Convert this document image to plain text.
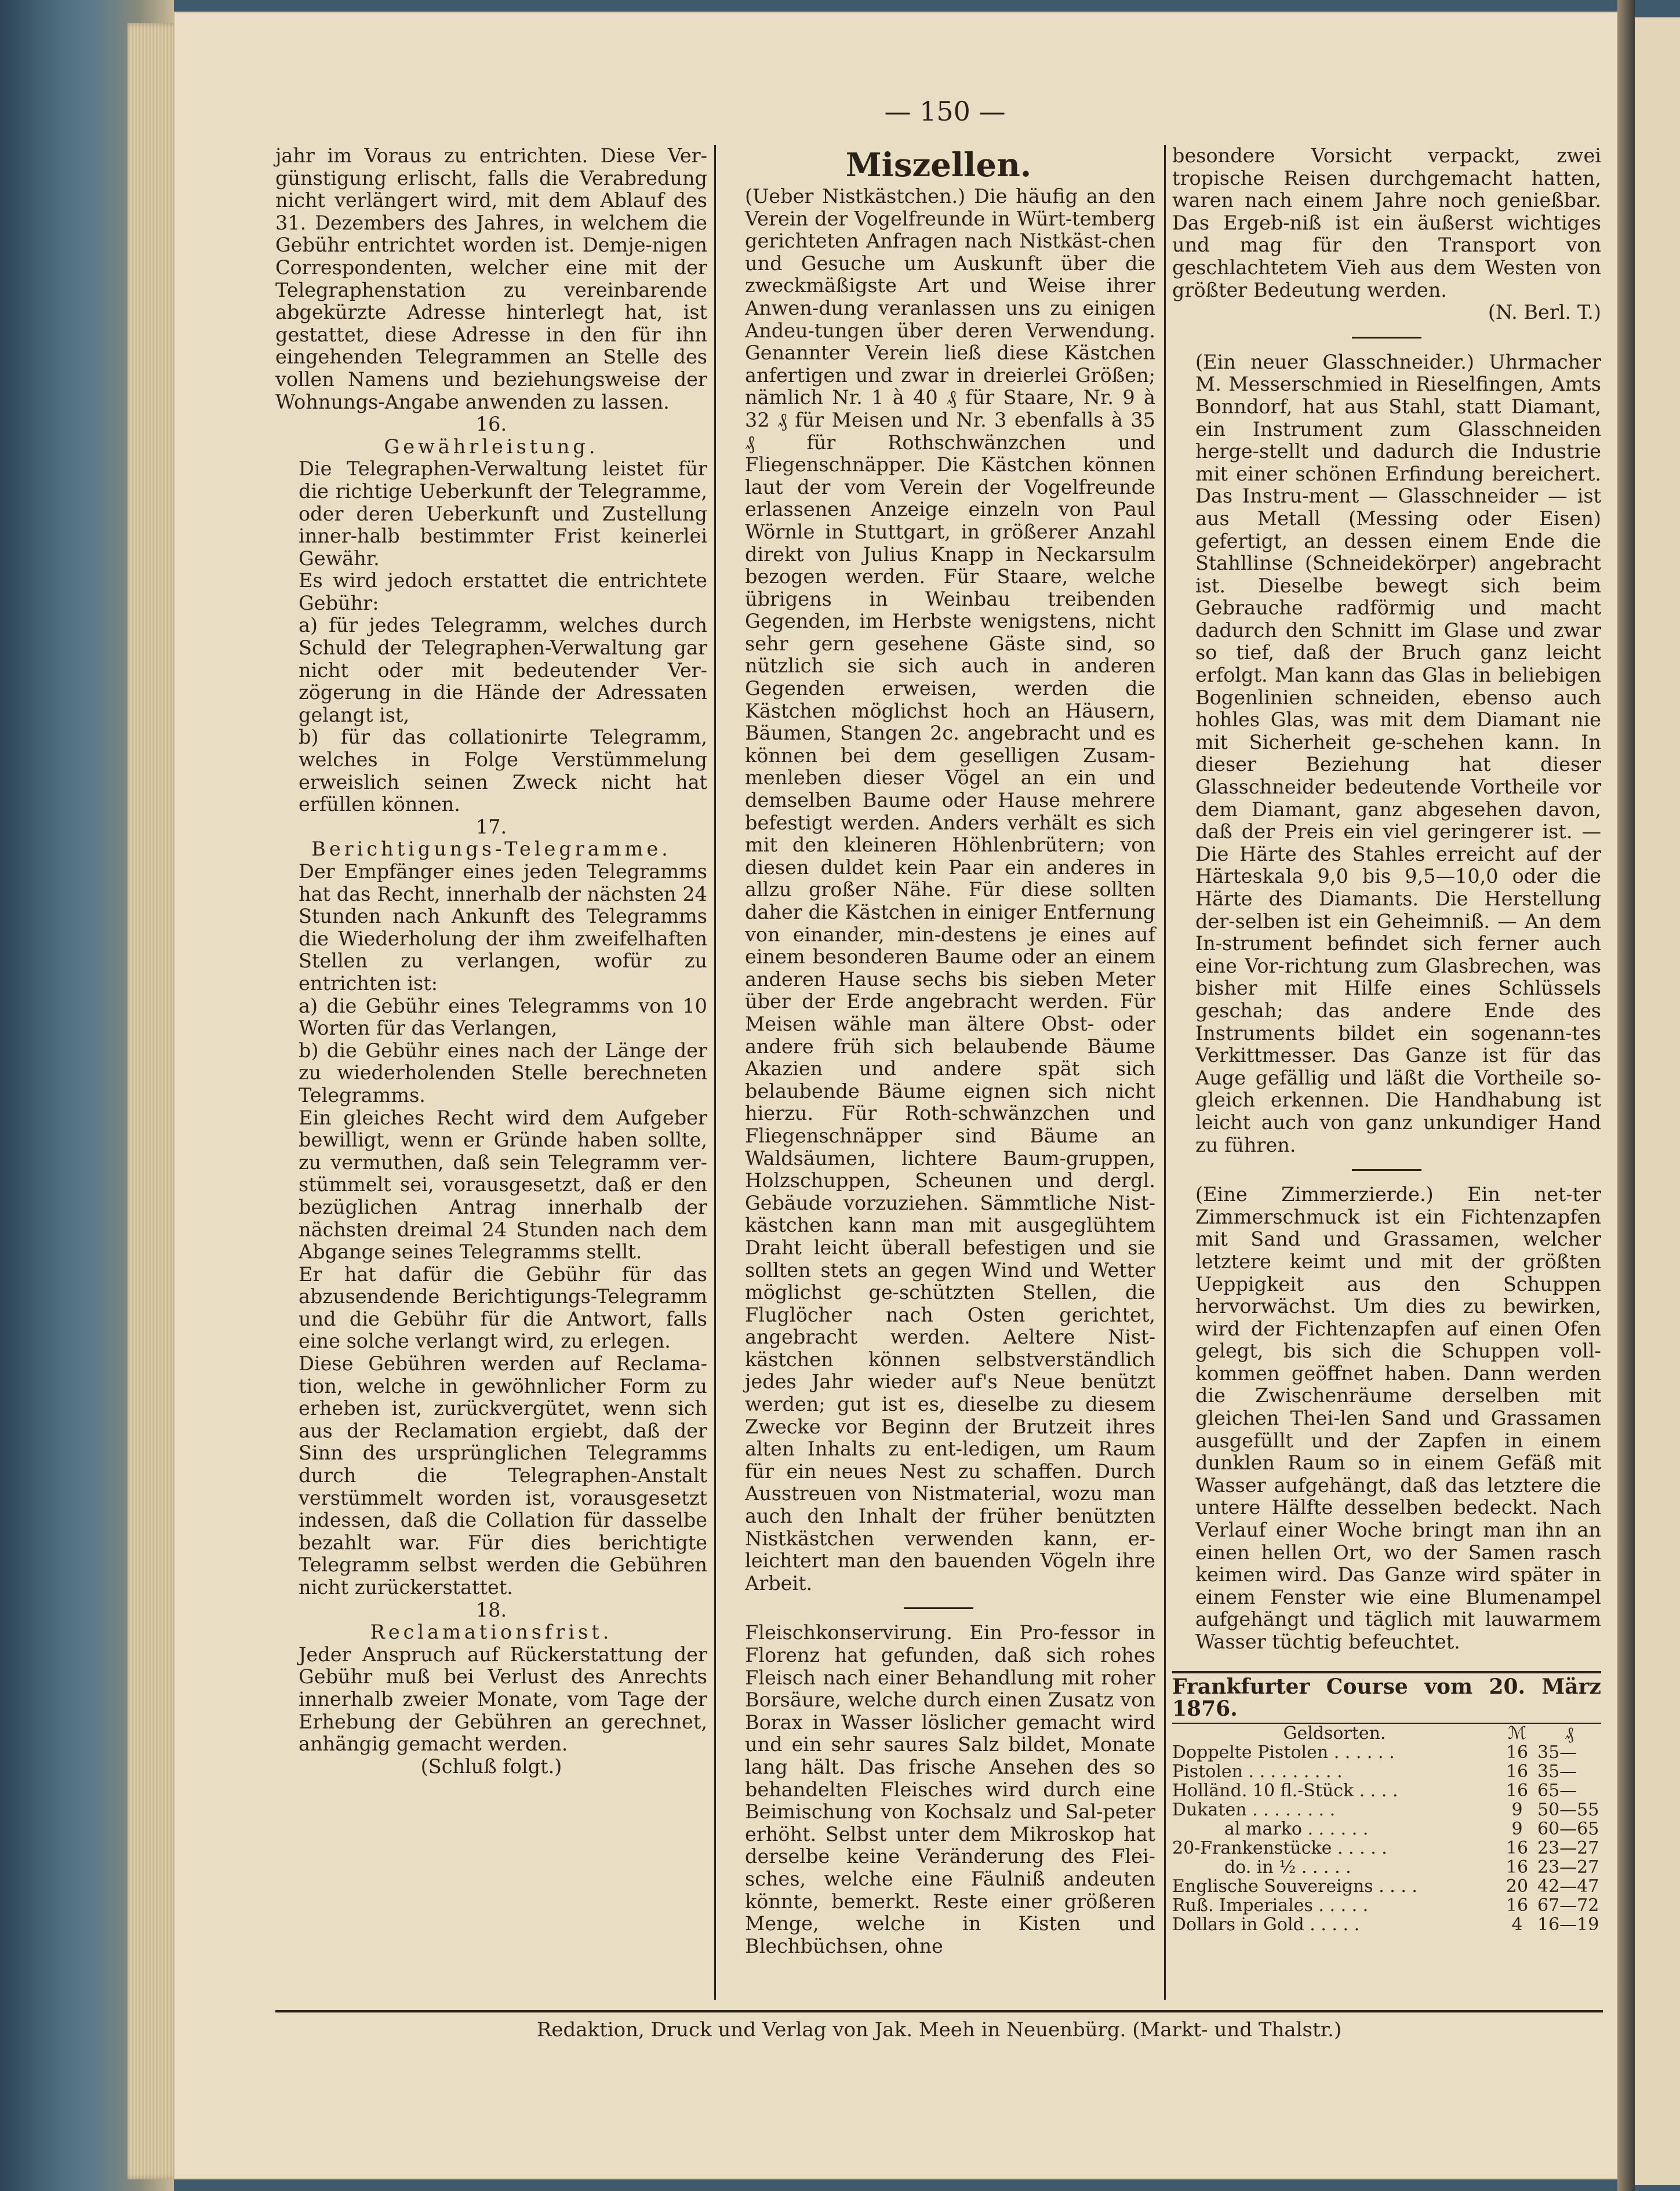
— 150 —

jahr im Voraus zu entrichten. Diese Ver-günstigung erlischt, falls die Verabredung nicht verlängert wird, mit dem Ablauf des 31. Dezembers des Jahres, in welchem die Gebühr entrichtet worden ist. Demje-nigen Correspondenten, welcher eine mit der Telegraphenstation zu vereinbarende abgekürzte Adresse hinterlegt hat, ist gestattet, diese Adresse in den für ihn eingehenden Telegrammen an Stelle des vollen Namens und beziehungsweise der Wohnungs-Angabe anwenden zu lassen.

16.

Gewährleistung.

Die Telegraphen-Verwaltung leistet für die richtige Ueberkunft der Telegramme, oder deren Ueberkunft und Zustellung inner-halb bestimmter Frist keinerlei Gewähr.

Es wird jedoch erstattet die entrichtete Gebühr:

a) für jedes Telegramm, welches durch Schuld der Telegraphen-Verwaltung gar nicht oder mit bedeutender Ver-zögerung in die Hände der Adressaten gelangt ist,

b) für das collationirte Telegramm, welches in Folge Verstümmelung erweislich seinen Zweck nicht hat erfüllen können.

17.

Berichtigungs-Telegramme.

Der Empfänger eines jeden Telegramms hat das Recht, innerhalb der nächsten 24 Stunden nach Ankunft des Telegramms die Wiederholung der ihm zweifelhaften Stellen zu verlangen, wofür zu entrichten ist:

a) die Gebühr eines Telegramms von 10 Worten für das Verlangen,

b) die Gebühr eines nach der Länge der zu wiederholenden Stelle berechneten Telegramms.

Ein gleiches Recht wird dem Aufgeber bewilligt, wenn er Gründe haben sollte, zu vermuthen, daß sein Telegramm ver-stümmelt sei, vorausgesetzt, daß er den bezüglichen Antrag innerhalb der nächsten dreimal 24 Stunden nach dem Abgange seines Telegramms stellt.

Er hat dafür die Gebühr für das abzusendende Berichtigungs-Telegramm und die Gebühr für die Antwort, falls eine solche verlangt wird, zu erlegen.

Diese Gebühren werden auf Reclama-tion, welche in gewöhnlicher Form zu erheben ist, zurückvergütet, wenn sich aus der Reclamation ergiebt, daß der Sinn des ursprünglichen Telegramms durch die Telegraphen-Anstalt verstümmelt worden ist, vorausgesetzt indessen, daß die Collation für dasselbe bezahlt war. Für dies berichtigte Telegramm selbst werden die Gebühren nicht zurückerstattet.

18.

Reclamationsfrist.

Jeder Anspruch auf Rückerstattung der Gebühr muß bei Verlust des Anrechts innerhalb zweier Monate, vom Tage der Erhebung der Gebühren an gerechnet, anhängig gemacht werden.

(Schluß folgt.)

Miszellen.

(Ueber Nistkästchen.) Die häufig an den Verein der Vogelfreunde in Würt-temberg gerichteten Anfragen nach Nistkäst-chen und Gesuche um Auskunft über die zweckmäßigste Art und Weise ihrer Anwen-dung veranlassen uns zu einigen Andeu-tungen über deren Verwendung. Genannter Verein ließ diese Kästchen anfertigen und zwar in dreierlei Größen; nämlich Nr. 1 à 40 ₰ für Staare, Nr. 9 à 32 ₰ für Meisen und Nr. 3 ebenfalls à 35 ₰ für Rothschwänzchen und Fliegenschnäpper. Die Kästchen können laut der vom Verein der Vogelfreunde erlassenen Anzeige einzeln von Paul Wörnle in Stuttgart, in größerer Anzahl direkt von Julius Knapp in Neckarsulm bezogen werden. Für Staare, welche übrigens in Weinbau treibenden Gegenden, im Herbste wenigstens, nicht sehr gern gesehene Gäste sind, so nützlich sie sich auch in anderen Gegenden erweisen, werden die Kästchen möglichst hoch an Häusern, Bäumen, Stangen 2c. angebracht und es können bei dem geselligen Zusam-menleben dieser Vögel an ein und demselben Baume oder Hause mehrere befestigt werden. Anders verhält es sich mit den kleineren Höhlenbrütern; von diesen duldet kein Paar ein anderes in allzu großer Nähe. Für diese sollten daher die Kästchen in einiger Entfernung von einander, min-destens je eines auf einem besonderen Baume oder an einem anderen Hause sechs bis sieben Meter über der Erde angebracht werden. Für Meisen wähle man ältere Obst- oder andere früh sich belaubende Bäume Akazien und andere spät sich belaubende Bäume eignen sich nicht hierzu. Für Roth-schwänzchen und Fliegenschnäpper sind Bäume an Waldsäumen, lichtere Baum-gruppen, Holzschuppen, Scheunen und dergl. Gebäude vorzuziehen. Sämmtliche Nist-kästchen kann man mit ausgeglühtem Draht leicht überall befestigen und sie sollten stets an gegen Wind und Wetter möglichst ge-schützten Stellen, die Fluglöcher nach Osten gerichtet, angebracht werden. Aeltere Nist-kästchen können selbstverständlich jedes Jahr wieder auf's Neue benützt werden; gut ist es, dieselbe zu diesem Zwecke vor Beginn der Brutzeit ihres alten Inhalts zu ent-ledigen, um Raum für ein neues Nest zu schaffen. Durch Ausstreuen von Nistmaterial, wozu man auch den Inhalt der früher benützten Nistkästchen verwenden kann, er-leichtert man den bauenden Vögeln ihre Arbeit.

Fleischkonservirung. Ein Pro-fessor in Florenz hat gefunden, daß sich rohes Fleisch nach einer Behandlung mit roher Borsäure, welche durch einen Zusatz von Borax in Wasser löslicher gemacht wird und ein sehr saures Salz bildet, Monate lang hält. Das frische Ansehen des so behandelten Fleisches wird durch eine Beimischung von Kochsalz und Sal-peter erhöht. Selbst unter dem Mikroskop hat derselbe keine Veränderung des Flei-sches, welche eine Fäulniß andeuten könnte, bemerkt. Reste einer größeren Menge, welche in Kisten und Blechbüchsen, ohne

besondere Vorsicht verpackt, zwei tropische Reisen durchgemacht hatten, waren nach einem Jahre noch genießbar. Das Ergeb-niß ist ein äußerst wichtiges und mag für den Transport von geschlachtetem Vieh aus dem Westen von größter Bedeutung werden.

(N. Berl. T.)

(Ein neuer Glasschneider.) Uhrmacher M. Messerschmied in Rieselfingen, Amts Bonndorf, hat aus Stahl, statt Diamant, ein Instrument zum Glasschneiden herge-stellt und dadurch die Industrie mit einer schönen Erfindung bereichert. Das Instru-ment — Glasschneider — ist aus Metall (Messing oder Eisen) gefertigt, an dessen einem Ende die Stahllinse (Schneidekörper) angebracht ist. Dieselbe bewegt sich beim Gebrauche radförmig und macht dadurch den Schnitt im Glase und zwar so tief, daß der Bruch ganz leicht erfolgt. Man kann das Glas in beliebigen Bogenlinien schneiden, ebenso auch hohles Glas, was mit dem Diamant nie mit Sicherheit ge-schehen kann. In dieser Beziehung hat dieser Glasschneider bedeutende Vortheile vor dem Diamant, ganz abgesehen davon, daß der Preis ein viel geringerer ist. — Die Härte des Stahles erreicht auf der Härteskala 9,0 bis 9,5—10,0 oder die Härte des Diamants. Die Herstellung der-selben ist ein Geheimniß. — An dem In-strument befindet sich ferner auch eine Vor-richtung zum Glasbrechen, was bisher mit Hilfe eines Schlüssels geschah; das andere Ende des Instruments bildet ein sogenann-tes Verkittmesser. Das Ganze ist für das Auge gefällig und läßt die Vortheile so-gleich erkennen. Die Handhabung ist leicht auch von ganz unkundiger Hand zu führen.

(Eine Zimmerzierde.) Ein net-ter Zimmerschmuck ist ein Fichtenzapfen mit Sand und Grassamen, welcher letztere keimt und mit der größten Ueppigkeit aus den Schuppen hervorwächst. Um dies zu bewirken, wird der Fichtenzapfen auf einen Ofen gelegt, bis sich die Schuppen voll-kommen geöffnet haben. Dann werden die Zwischenräume derselben mit gleichen Thei-len Sand und Grassamen ausgefüllt und der Zapfen in einem dunklen Raum so in einem Gefäß mit Wasser aufgehängt, daß das letztere die untere Hälfte desselben bedeckt. Nach Verlauf einer Woche bringt man ihn an einen hellen Ort, wo der Samen rasch keimen wird. Das Ganze wird später in einem Fenster wie eine Blumenampel aufgehängt und täglich mit lauwarmem Wasser tüchtig befeuchtet.

Frankfurter Course vom 20. März 1876.
Geldsorten.	ℳ	₰
Doppelte Pistolen . . . . . .	16	35—
Pistolen . . . . . . . . .	16	35—
Holländ. 10 fl.-Stück . . . .	16	65—
Dukaten . . . . . . . .	9	50—55
al marko . . . . . .	9	60—65
20-Frankenstücke . . . . .	16	23—27
do. in ½ . . . . .	16	23—27
Englische Souvereigns . . . .	20	42—47
Ruß. Imperiales . . . . .	16	67—72
Dollars in Gold . . . . .	4	16—19
Redaktion, Druck und Verlag von Jak. Meeh in Neuenbürg. (Markt- und Thalstr.)
